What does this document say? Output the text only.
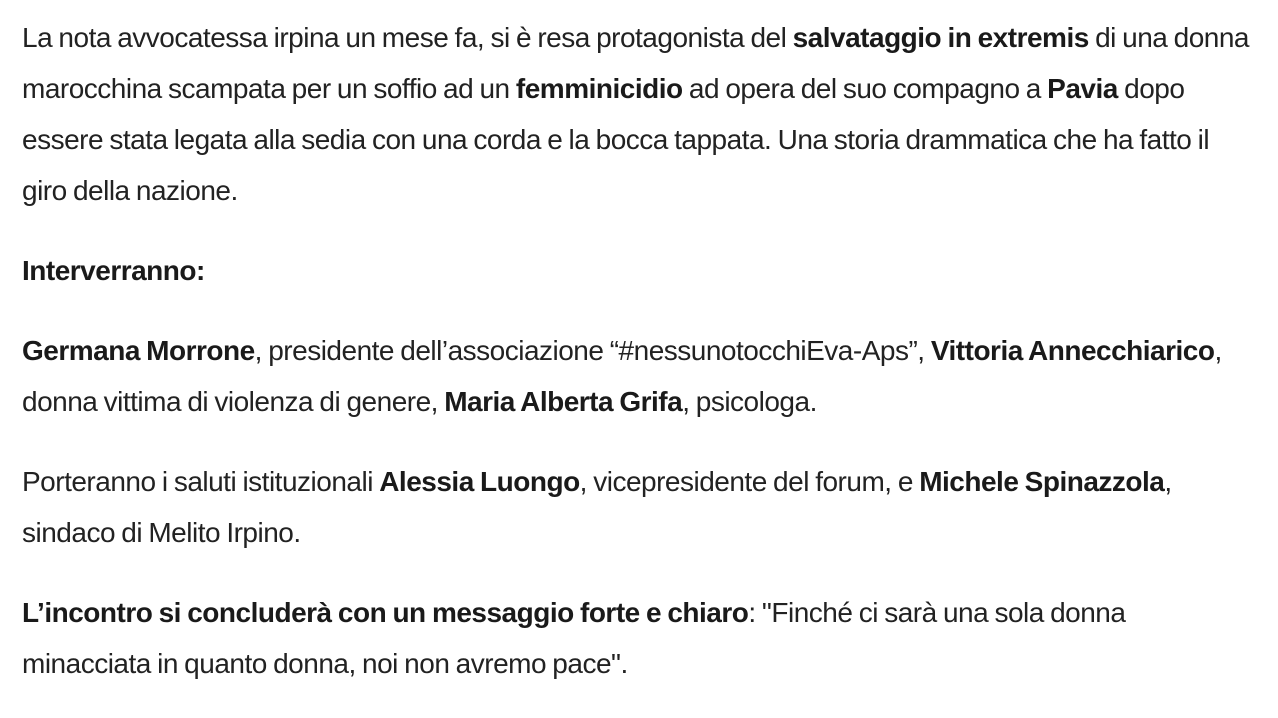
La nota avvocatessa irpina un mese fa, si è resa protagonista del salvataggio in extremis di una donna marocchina scampata per un soffio ad un femminicidio ad opera del suo compagno a Pavia dopo essere stata legata alla sedia con una corda e la bocca tappata. Una storia drammatica che ha fatto il giro della nazione.

Interverranno:

Germana Morrone, presidente dell’associazione “#nessunotocchiEva-Aps”, Vittoria Annecchiarico, donna vittima di violenza di genere, Maria Alberta Grifa, psicologa.

Porteranno i saluti istituzionali Alessia Luongo, vicepresidente del forum, e Michele Spinazzola, sindaco di Melito Irpino.

L’incontro si concluderà con un messaggio forte e chiaro: "Finché ci sarà una sola donna minacciata in quanto donna, noi non avremo pace".
